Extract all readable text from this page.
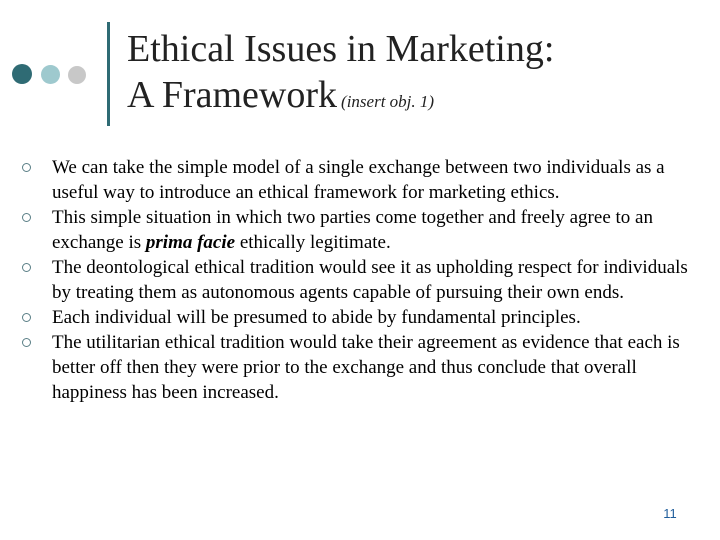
Ethical Issues in Marketing:
A Framework (insert obj. 1)
We can take the simple model of a single exchange between two individuals as a useful way to introduce an ethical framework for marketing ethics.
This simple situation in which two parties come together and freely agree to an exchange is prima facie ethically legitimate.
The deontological ethical tradition would see it as upholding respect for individuals by treating them as autonomous agents capable of pursuing their own ends.
Each individual will be presumed to abide by fundamental principles.
The utilitarian ethical tradition would take their agreement as evidence that each is better off then they were prior to the exchange and thus conclude that overall happiness has been increased.
11
